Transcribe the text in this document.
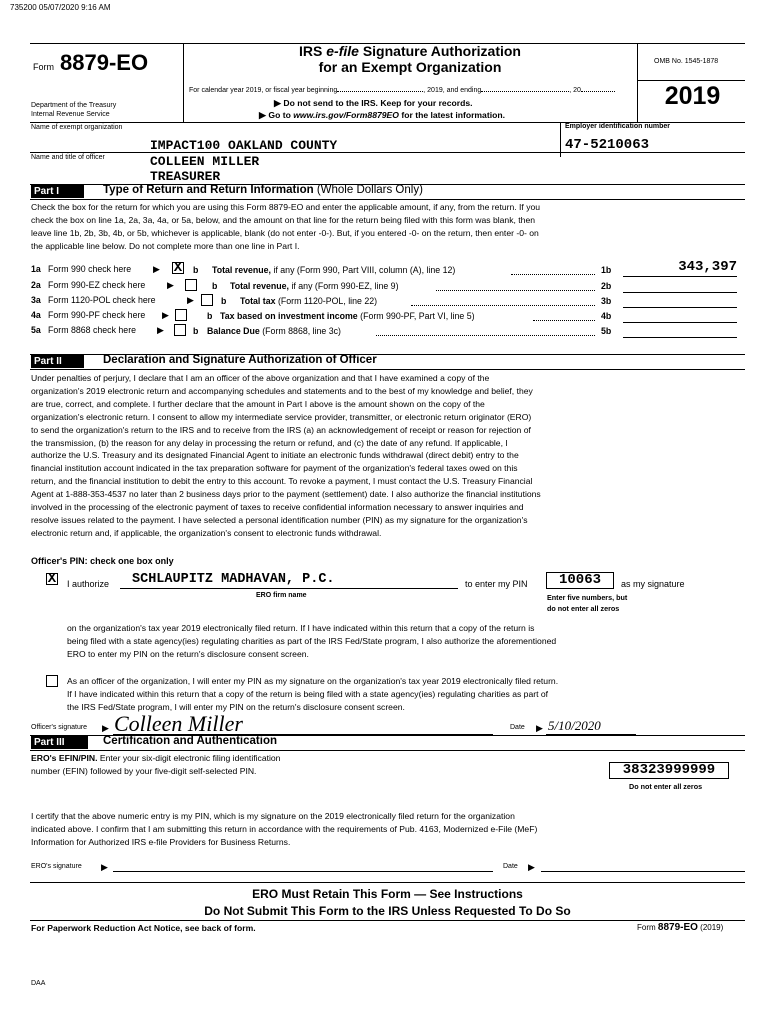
735200 05/07/2020 9:16 AM
Form 8879-EO
Department of the Treasury
Internal Revenue Service
IRS e-file Signature Authorization
for an Exempt Organization
For calendar year 2019, or fiscal year beginning	, 2019, and ending	, 20
▶ Do not send to the IRS. Keep for your records.
▶ Go to www.irs.gov/Form8879EO for the latest information.
OMB No. 1545-1878
2019
Name of exempt organization
IMPACT100 OAKLAND COUNTY
Employer identification number
47-5210063
Name and title of officer	COLLEEN MILLER
TREASURER
Part I	Type of Return and Return Information (Whole Dollars Only)
Check the box for the return for which you are using this Form 8879-EO and enter the applicable amount, if any, from the return. If you
check the box on line 1a, 2a, 3a, 4a, or 5a, below, and the amount on that line for the return being filed with this form was blank, then
leave line 1b, 2b, 3b, 4b, or 5b, whichever is applicable, blank (do not enter -0-). But, if you entered -0- on the return, then enter -0- on
the applicable line below. Do not complete more than one line in Part I.
1a Form 990 check here ▶ X b Total revenue, if any (Form 990, Part VIII, column (A), line 12)	1b	343,397
2a Form 990-EZ check here ▶	b Total revenue, if any (Form 990-EZ, line 9)	2b
3a Form 1120-POL check here	▶	b Total tax (Form 1120-POL, line 22)	3b
4a Form 990-PF check here ▶	b Tax based on investment income (Form 990-PF, Part VI, line 5)	4b
5a Form 8868 check here ▶	b Balance Due (Form 8868, line 3c)	5b
Part II	Declaration and Signature Authorization of Officer
Under penalties of perjury, I declare that I am an officer of the above organization and that I have examined a copy of the
organization's 2019 electronic return and accompanying schedules and statements and to the best of my knowledge and belief, they
are true, correct, and complete. I further declare that the amount in Part I above is the amount shown on the copy of the
organization's electronic return. I consent to allow my intermediate service provider, transmitter, or electronic return originator (ERO)
to send the organization's return to the IRS and to receive from the IRS (a) an acknowledgement of receipt or reason for rejection of
the transmission, (b) the reason for any delay in processing the return or refund, and (c) the date of any refund. If applicable, I
authorize the U.S. Treasury and its designated Financial Agent to initiate an electronic funds withdrawal (direct debit) entry to the
financial institution account indicated in the tax preparation software for payment of the organization's federal taxes owed on this
return, and the financial institution to debit the entry to this account. To revoke a payment, I must contact the U.S. Treasury Financial
Agent at 1-888-353-4537 no later than 2 business days prior to the payment (settlement) date. I also authorize the financial institutions
involved in the processing of the electronic payment of taxes to receive confidential information necessary to answer inquiries and
resolve issues related to the payment. I have selected a personal identification number (PIN) as my signature for the organization's
electronic return and, if applicable, the organization's consent to electronic funds withdrawal.
Officer's PIN: check one box only
X I authorize SCHLAUPITZ MADHAVAN, P.C.
ERO firm name
to enter my PIN	10063	as my signature
Enter five numbers, but
do not enter all zeros
on the organization's tax year 2019 electronically filed return. If I have indicated within this return that a copy of the return is
being filed with a state agency(ies) regulating charities as part of the IRS Fed/State program, I also authorize the aforementioned
ERO to enter my PIN on the return's disclosure consent screen.
As an officer of the organization, I will enter my PIN as my signature on the organization's tax year 2019 electronically filed return.
If I have indicated within this return that a copy of the return is being filed with a state agency(ies) regulating charities as part of
the IRS Fed/State program, I will enter my PIN on the return's disclosure consent screen.
Officer's signature ▶ Colleen Miller	Date ▶ 5/10/2020
Part III	Certification and Authentication
ERO's EFIN/PIN. Enter your six-digit electronic filing identification
number (EFIN) followed by your five-digit self-selected PIN.	38323999999
Do not enter all zeros
I certify that the above numeric entry is my PIN, which is my signature on the 2019 electronically filed return for the organization
indicated above. I confirm that I am submitting this return in accordance with the requirements of Pub. 4163, Modernized e-File (MeF)
Information for Authorized IRS e-file Providers for Business Returns.
ERO's signature ▶	Date ▶
ERO Must Retain This Form — See Instructions
Do Not Submit This Form to the IRS Unless Requested To Do So
For Paperwork Reduction Act Notice, see back of form.	Form 8879-EO (2019)
DAA
